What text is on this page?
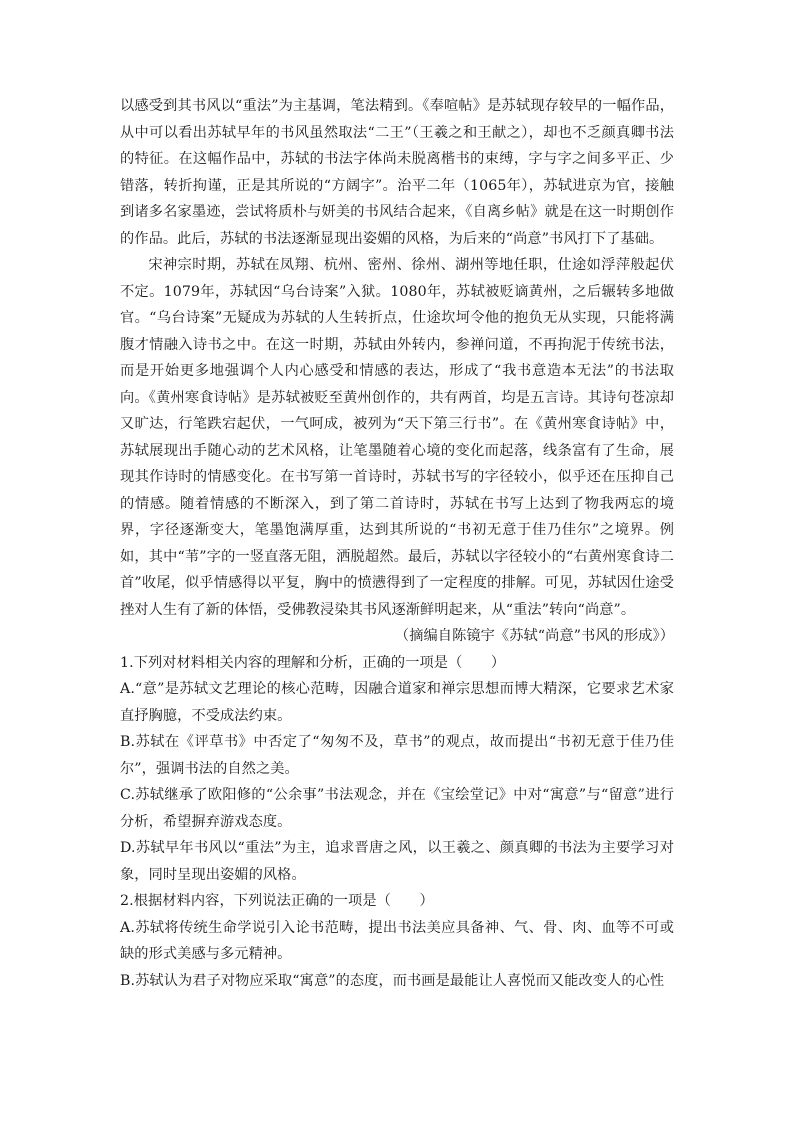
以感受到其书风以“重法”为主基调，笔法精到。《奉喧帖》是苏轼现存较早的一幅作品，从中可以看出苏轼早年的书风虽然取法“二王”（王羲之和王献之），却也不乏颜真卿书法的特征。在这幅作品中，苏轼的书法字体尚未脱离楷书的束缚，字与字之间多平正、少错落，转折拘谨，正是其所说的“方阔字”。治平二年（1065年），苏轼进京为官，接触到诸多名家墨迹，尝试将质朴与妍美的书风结合起来，《自离乡帖》就是在这一时期创作的作品。此后，苏轼的书法逐渐显现出姿媚的风格，为后来的“尚意”书风打下了基础。

宋神宗时期，苏轼在凤翔、杭州、密州、徐州、湖州等地任职，仕途如浮萍般起伏不定。1079年，苏轼因“乌台诗案”入狱。1080年，苏轼被贬谪黄州，之后辗转多地做官。“乌台诗案”无疑成为苏轼的人生转折点，仕途坎坷令他的抱负无从实现，只能将满腹才情融入诗书之中。在这一时期，苏轼由外转内，参禅问道，不再拘泥于传统书法，而是开始更多地强调个人内心感受和情感的表达，形成了“我书意造本无法”的书法取向。《黄州寒食诗帖》是苏轼被贬至黄州创作的，共有两首，均是五言诗。其诗句苍凉却又旷达，行笔跌宕起伏，一气呵成，被列为“天下第三行书”。在《黄州寒食诗帖》中，苏轼展现出手随心动的艺术风格，让笔墨随着心境的变化而起落，线条富有了生命，展现其作诗时的情感变化。在书写第一首诗时，苏轼书写的字径较小，似乎还在压抑自己的情感。随着情感的不断深入，到了第二首诗时，苏轼在书写上达到了物我两忘的境界，字径逐渐变大，笔墨饱满厚重，达到其所说的“书初无意于佳乃佳尔”之境界。例如，其中“苇”字的一竖直落无阻，洒脱超然。最后，苏轼以字径较小的“右黄州寒食诗二首”收尾，似乎情感得以平复，胸中的愤懑得到了一定程度的排解。可见，苏轼因仕途受挫对人生有了新的体悟，受佛教浸染其书风逐渐鲜明起来，从“重法”转向“尚意”。

（摘编自陈镜宇《苏轼“尚意”书风的形成》）

1.下列对材料相关内容的理解和分析，正确的一项是（　　）

A.“意”是苏轼文艺理论的核心范畴，因融合道家和禅宗思想而博大精深，它要求艺术家直抒胸臆，不受成法约束。

B.苏轼在《评草书》中否定了“匆匆不及，草书”的观点，故而提出“书初无意于佳乃佳尔”，强调书法的自然之美。

C.苏轼继承了欧阳修的“公余事”书法观念，并在《宝绘堂记》中对“寓意”与“留意”进行分析，希望摒弃游戏态度。

D.苏轼早年书风以“重法”为主，追求晋唐之风，以王羲之、颜真卿的书法为主要学习对象，同时呈现出姿媚的风格。

2.根据材料内容，下列说法正确的一项是（　　）

A.苏轼将传统生命学说引入论书范畴，提出书法美应具备神、气、骨、肉、血等不可或缺的形式美感与多元精神。

B.苏轼认为君子对物应采取“寓意”的态度，而书画是最能让人喜悦而又能改变人的心性
